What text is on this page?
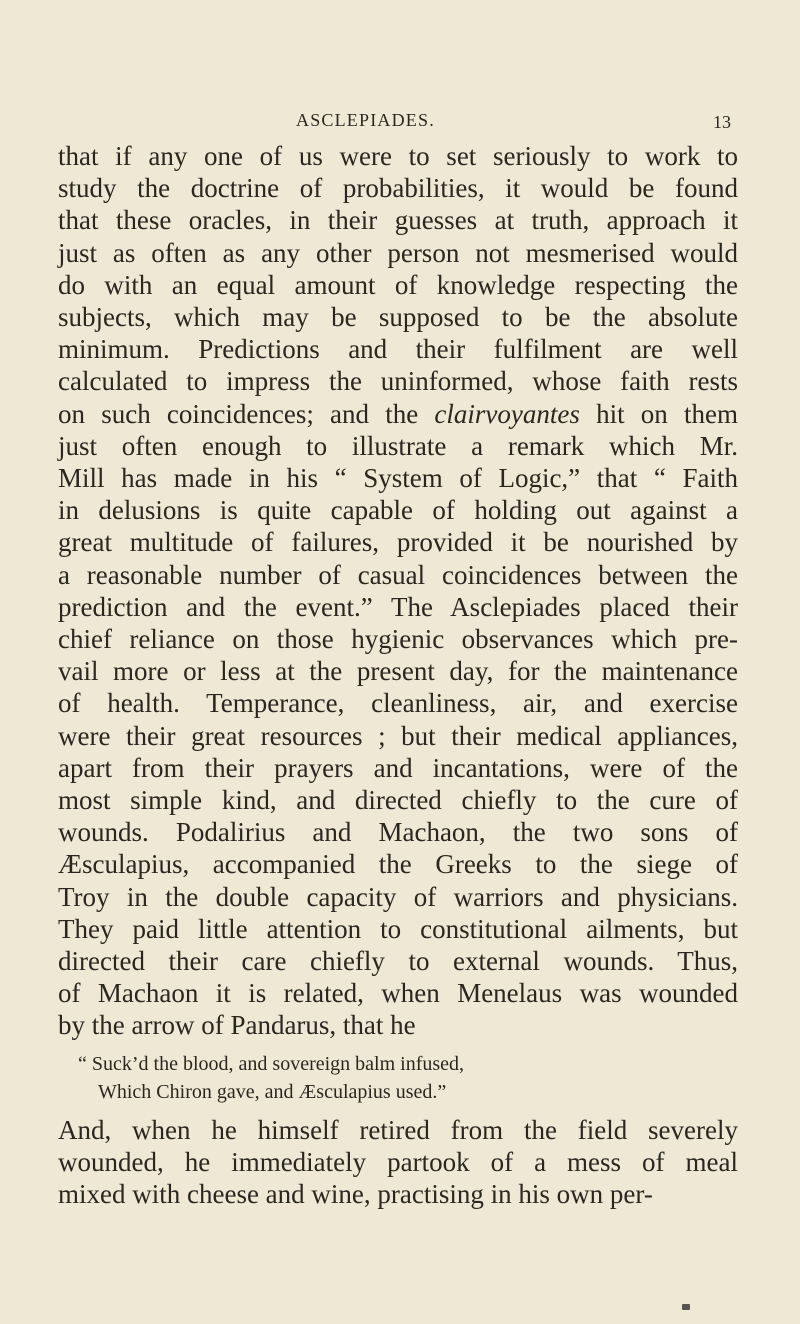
ASCLEPIADES.	13
that if any one of us were to set seriously to work to
study the doctrine of probabilities, it would be found
that these oracles, in their guesses at truth, approach it
just as often as any other person not mesmerised would
do with an equal amount of knowledge respecting the
subjects, which may be supposed to be the absolute
minimum. Predictions and their fulfilment are well
calculated to impress the uninformed, whose faith rests
on such coincidences; and the clairvoyantes hit on them
just often enough to illustrate a remark which Mr.
Mill has made in his “ System of Logic,” that “ Faith
in delusions is quite capable of holding out against a
great multitude of failures, provided it be nourished by
a reasonable number of casual coincidences between the
prediction and the event.” The Asclepiades placed their
chief reliance on those hygienic observances which pre-
vail more or less at the present day, for the maintenance
of health. Temperance, cleanliness, air, and exercise
were their great resources ; but their medical appliances,
apart from their prayers and incantations, were of the
most simple kind, and directed chiefly to the cure of
wounds. Podalirius and Machaon, the two sons of
Æsculapius, accompanied the Greeks to the siege of
Troy in the double capacity of warriors and physicians.
They paid little attention to constitutional ailments, but
directed their care chiefly to external wounds. Thus,
of Machaon it is related, when Menelaus was wounded
by the arrow of Pandarus, that he
“ Suck’d the blood, and sovereign balm infused,
Which Chiron gave, and Æsculapius used.”
And, when he himself retired from the field severely
wounded, he immediately partook of a mess of meal
mixed with cheese and wine, practising in his own per-
